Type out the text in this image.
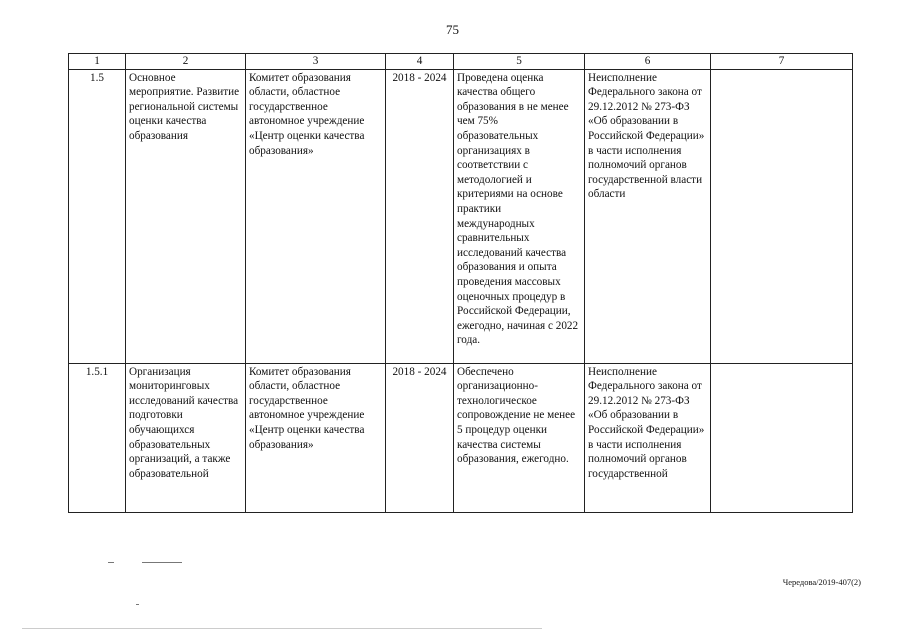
75
1	2	3	4	5	6	7
1.5	Основное мероприятие. Развитие региональной системы оценки качества образования	Комитет образования области, областное государственное автономное учреждение «Центр оценки качества образования»	2018 - 2024	Проведена оценка качества общего образования в не менее чем 75% образовательных организациях в соответствии с методологией и критериями на основе практики международных сравнительных исследований качества образования и опыта проведения массовых оценочных процедур в Российской Федерации, ежегодно, начиная с 2022 года.	Неисполнение Федерального закона от 29.12.2012 № 273-ФЗ «Об образовании в Российской Федерации» в части исполнения полномочий органов государственной власти области	
1.5.1	Организация мониторинговых исследований качества подготовки обучающихся образовательных организаций, а также образовательной	Комитет образования области, областное государственное автономное учреждение «Центр оценки качества образования»	2018 - 2024	Обеспечено организационно-технологическое сопровождение не менее 5 процедур оценки качества системы образования, ежегодно.	Неисполнение Федерального закона от 29.12.2012 № 273-ФЗ «Об образовании в Российской Федерации» в части исполнения полномочий органов государственной	
Чередова/2019-407(2)
